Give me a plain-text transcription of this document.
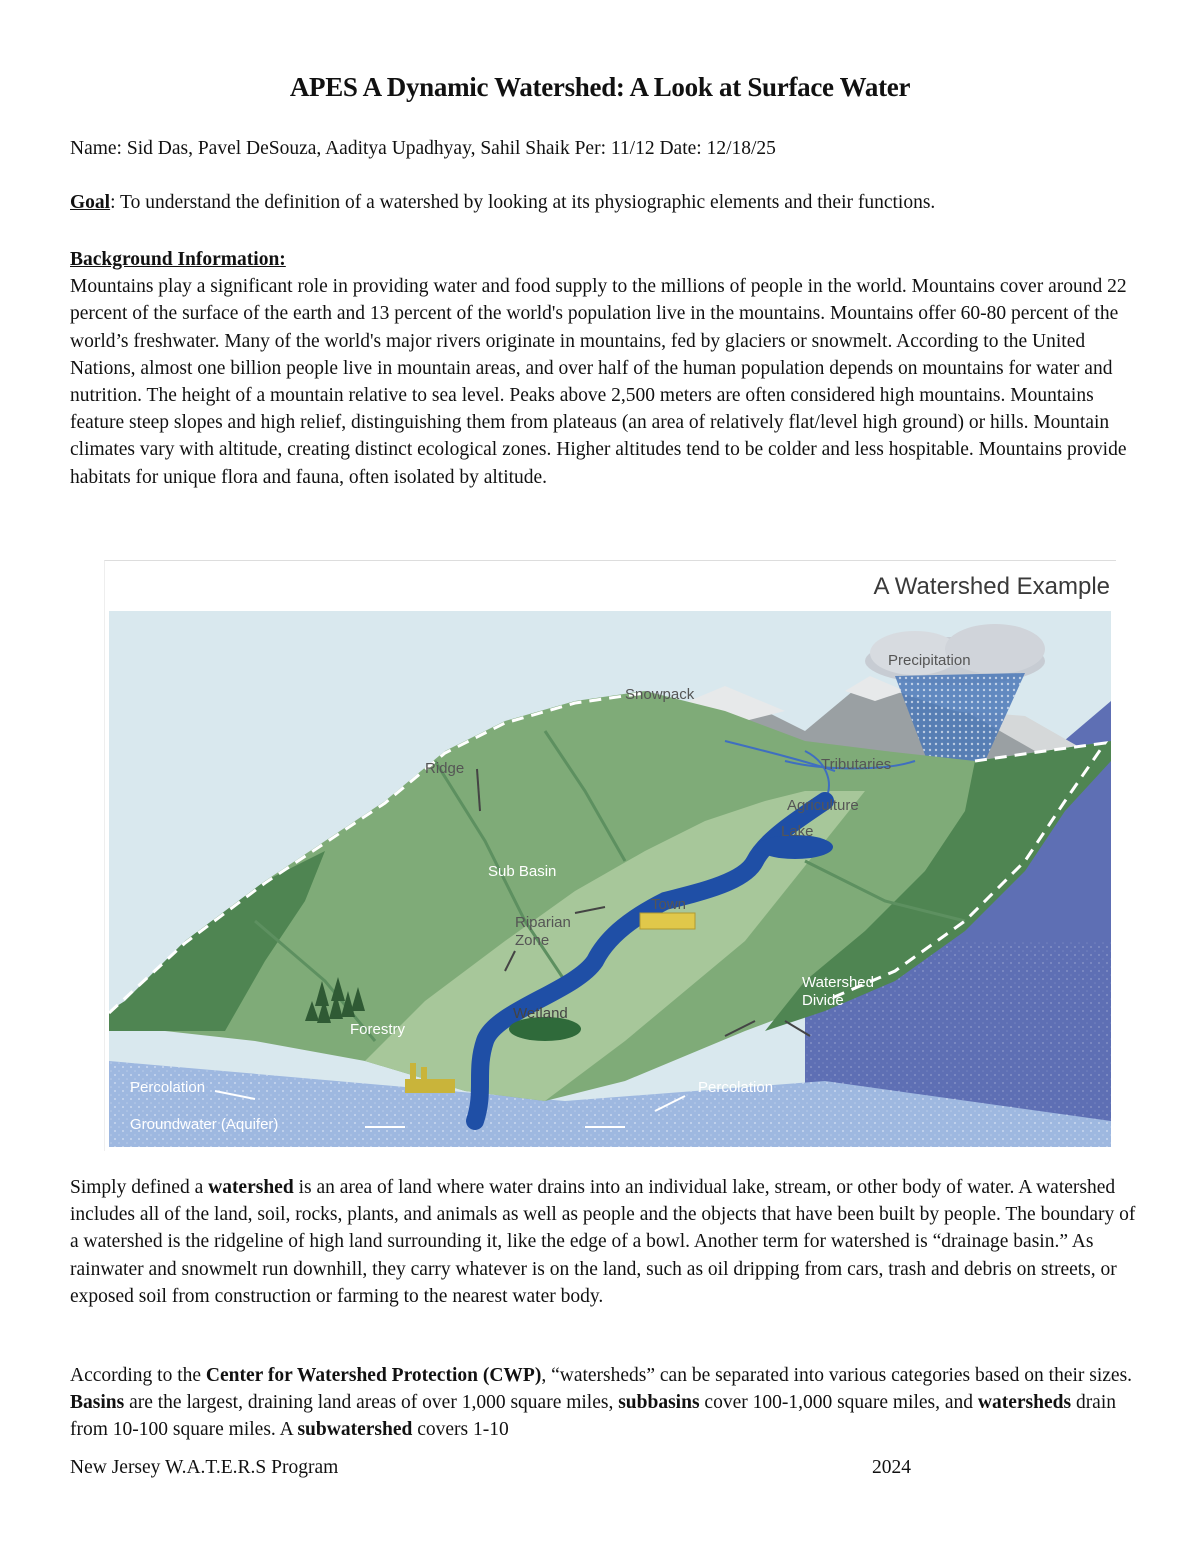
APES A Dynamic Watershed: A Look at Surface Water
Name: Sid Das, Pavel DeSouza, Aaditya Upadhyay, Sahil Shaik Per: 11/12 Date: 12/18/25
Goal: To understand the definition of a watershed by looking at its physiographic elements and their functions.

Background Information:

Mountains play a significant role in providing water and food supply to the millions of people in the world. Mountains cover around 22 percent of the surface of the earth and 13 percent of the world's population live in the mountains. Mountains offer 60-80 percent of the world’s freshwater. Many of the world's major rivers originate in mountains, fed by glaciers or snowmelt. According to the United Nations, almost one billion people live in mountain areas, and over half of the human population depends on mountains for water and nutrition. The height of a mountain relative to sea level. Peaks above 2,500 meters are often considered high mountains. Mountains feature steep slopes and high relief, distinguishing them from plateaus (an area of relatively flat/level high ground) or hills. Mountain climates vary with altitude, creating distinct ecological zones. Higher altitudes tend to be colder and less hospitable. Mountains provide habitats for unique flora and fauna, often isolated by altitude.

A Watershed Example
Precipitation
Snowpack
Ridge	Tributaries
Agriculture
Lake
Sub Basin
Town
Riparian
Zone
Watershed
Divide
Wetland
Forestry
Percolation	Percolation
Groundwater (Aquifer)

Simply defined a watershed is an area of land where water drains into an individual lake, stream, or other body of water. A watershed includes all of the land, soil, rocks, plants, and animals as well as people and the objects that have been built by people. The boundary of a watershed is the ridgeline of high land surrounding it, like the edge of a bowl. Another term for watershed is “drainage basin.” As rainwater and snowmelt run downhill, they carry whatever is on the land, such as oil dripping from cars, trash and debris on streets, or exposed soil from construction or farming to the nearest water body.

According to the Center for Watershed Protection (CWP), “watersheds” can be separated into various categories based on their sizes. Basins are the largest, draining land areas of over 1,000 square miles, subbasins cover 100-1,000 square miles, and watersheds drain from 10-100 square miles. A subwatershed covers 1-10

New Jersey W.A.T.E.R.S Program	2024
